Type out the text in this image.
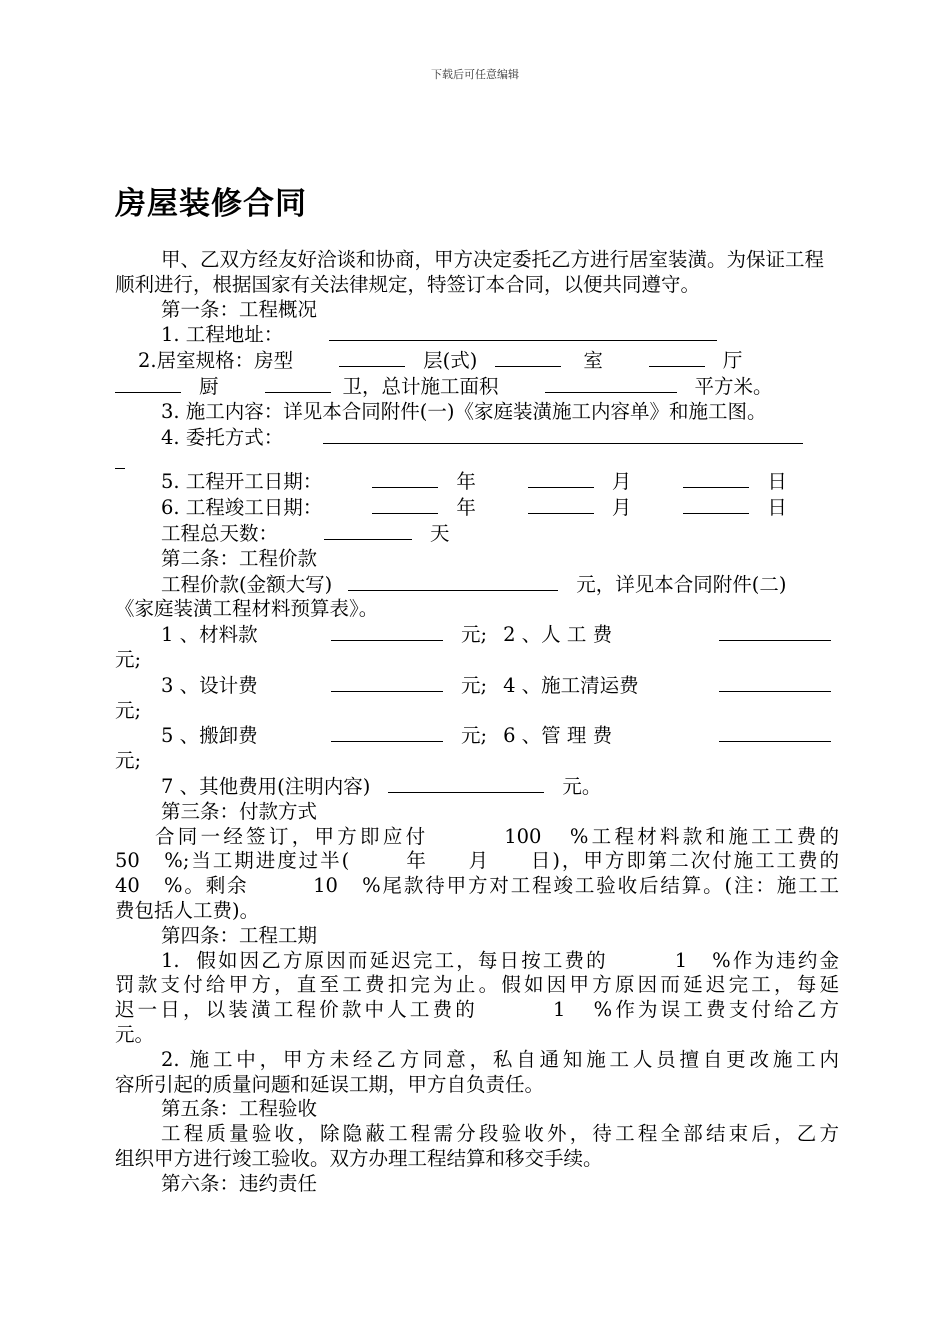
下载后可任意编辑
房屋装修合同

甲、乙双方经友好洽谈和协商，甲方决定委托乙方进行居室装潢。为保证工程顺利进行，根据国家有关法律规定，特签订本合同，以便共同遵守。

第一条：工程概况

1. 工程地址：
2.居室规格：房型	层(式)	室	厅
厨	卫，总计施工面积	平方米。

3. 施工内容：详见本合同附件(一)《家庭装潢施工内容单》和施工图。

4. 委托方式：
5. 工程开工日期：	年	月	日
6. 工程竣工日期：	年	月	日
工程总天数：	天

第二条：工程价款

工程价款(金额大写)	元，详见本合同附件(二)

《家庭装潢工程材料预算表》。

1 、材料款	元; 2 、人 工 费

元;

3 、设计费	元; 4 、施工清运费

元;

5 、搬卸费	元; 6 、管 理 费

元;

7 、其他费用(注明内容)	元。

第三条：付款方式

合同一经签订，甲方即应付        100   %工程材料款和施工工费的

50   %;当工期进度过半(       年     月     日)，甲方即第二次付施工工费的

40   %。剩余        10   %尾款待甲方对工程竣工验收后结算。(注：施工工

费包括人工费)。

第四条：工程工期

1.  假如因乙方原因而延迟完工，每日按工费的        1   %作为违约金

罚款支付给甲方，直至工费扣完为止。假如因甲方原因而延迟完工，每延

迟一日，以装潢工程价款中人工费的        1   %作为误工费支付给乙方

元。

2. 施工中，甲方未经乙方同意，私自通知施工人员擅自更改施工内

容所引起的质量问题和延误工期，甲方自负责任。

第五条：工程验收

工程质量验收，除隐蔽工程需分段验收外，待工程全部结束后，乙方

组织甲方进行竣工验收。双方办理工程结算和移交手续。

第六条：违约责任
